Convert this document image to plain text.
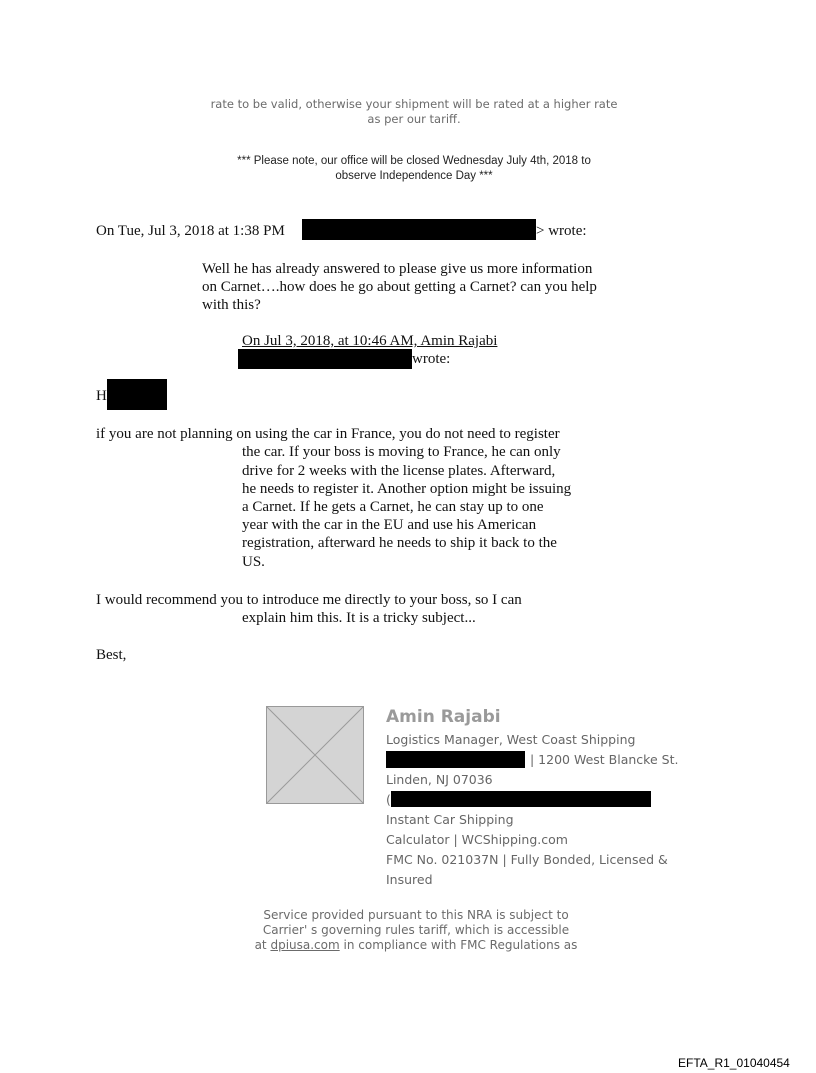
rate to be valid, otherwise your shipment will be rated at a higher rate
as per our tariff.
*** Please note, our office will be closed Wednesday July 4th, 2018 to
observe Independence Day ***
On Tue, Jul 3, 2018 at 1:38 PM	> wrote:
Well he has already answered to please give us more information
on Carnet….how does he go about getting a Carnet? can you help
with this?
On Jul 3, 2018, at 10:46 AM, Amin Rajabi
wrote:
H
if you are not planning on using the car in France, you do not need to register
the car. If your boss is moving to France, he can only
drive for 2 weeks with the license plates. Afterward,
he needs to register it. Another option might be issuing
a Carnet. If he gets a Carnet, he can stay up to one
year with the car in the EU and use his American
registration, afterward he needs to ship it back to the
US.
I would recommend you to introduce me directly to your boss, so I can
explain him this. It is a tricky subject...
Best,
Amin Rajabi
Logistics Manager, West Coast Shipping
| 1200 West Blancke St.
Linden, NJ 07036
(
Instant Car Shipping
Calculator | WCShipping.com
FMC No. 021037N | Fully Bonded, Licensed &
Insured
Service provided pursuant to this NRA is subject to
Carrier' s governing rules tariff, which is accessible
at dpiusa.com in compliance with FMC Regulations as
EFTA_R1_01040454
